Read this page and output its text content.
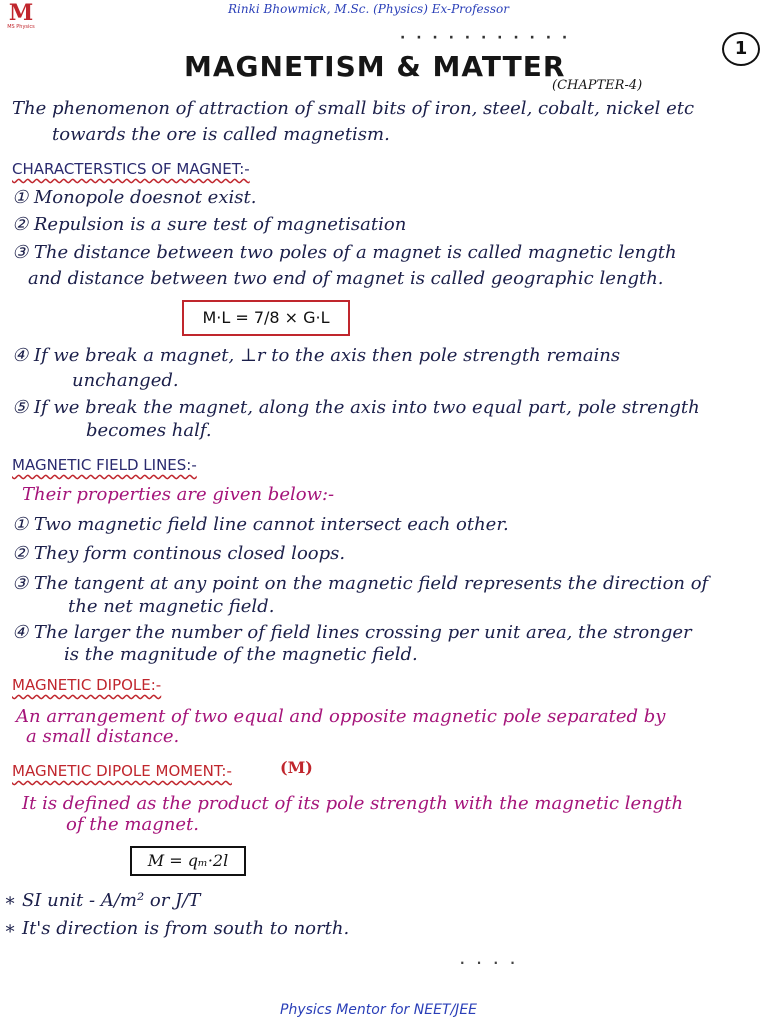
M
MS Physics
Rinki Bhowmick, M.Sc. (Physics) Ex-Professor
· · · · · · · · · · ·	1
MAGNETISM & MATTER
(CHAPTER-4)
The phenomenon of attraction of small bits of iron, steel, cobalt, nickel etc
towards the ore is called magnetism.
CHARACTERSTICS OF MAGNET:-
① Monopole doesnot exist.
② Repulsion is a sure test of magnetisation
③ The distance between two poles of a magnet is called magnetic length
and distance between two end of magnet is called geographic length.
M·L = 7/8 × G·L
④ If we break a magnet, ⊥r to the axis then pole strength remains
unchanged.
⑤ If we break the magnet, along the axis into two equal part, pole strength
becomes half.
MAGNETIC FIELD LINES:-
Their properties are given below:-
① Two magnetic field line cannot intersect each other.
② They form continous closed loops.
③ The tangent at any point on the magnetic field represents the direction of
the net magnetic field.
④ The larger the number of field lines crossing per unit area, the stronger
is the magnitude of the magnetic field.
MAGNETIC DIPOLE:-
An arrangement of two equal and opposite magnetic pole separated by
a small distance.
MAGNETIC DIPOLE MOMENT:-	(M)
It is defined as the product of its pole strength with the magnetic length
of the magnet.
M = qₘ·2l
∗ SI unit - A/m² or J/T
∗ It's direction is from south to north.
· · · ·
Physics Mentor for NEET/JEE
